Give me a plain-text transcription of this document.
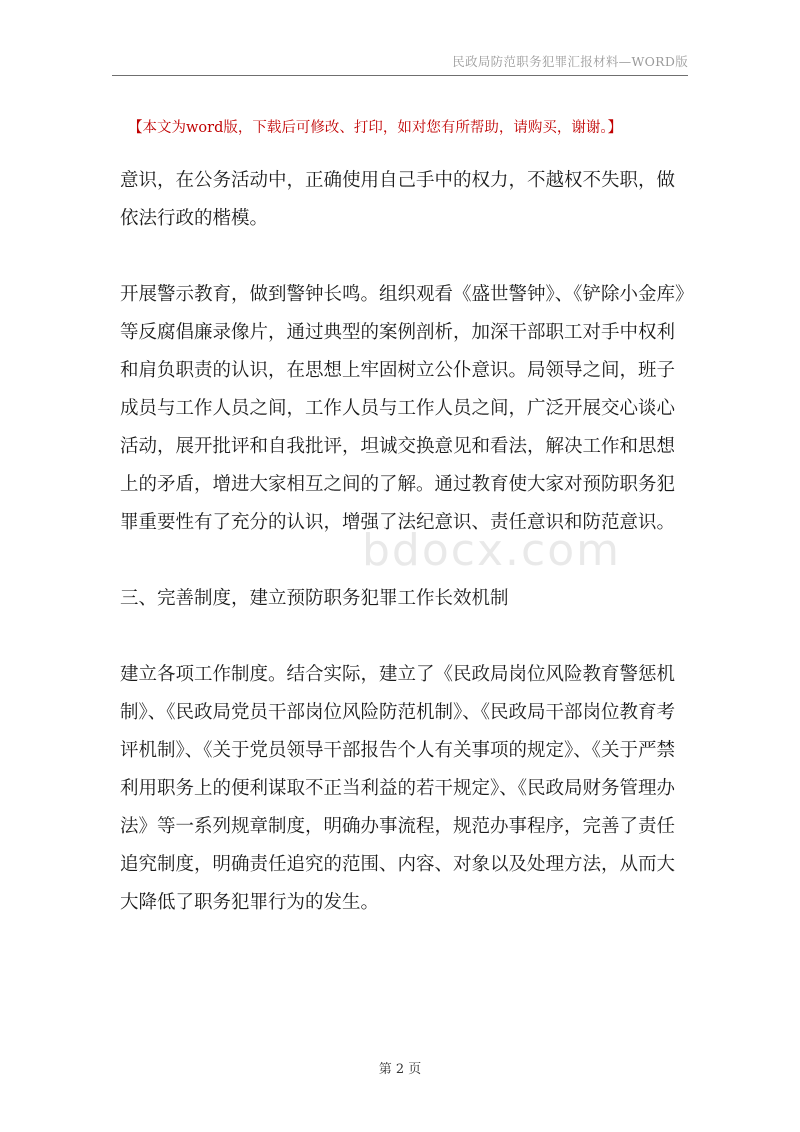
民政局防范职务犯罪汇报材料—WORD版
【本文为word版，下载后可修改、打印，如对您有所帮助，请购买，谢谢。】

意识，在公务活动中，正确使用自己手中的权力，不越权不失职，做依法行政的楷模。

开展警示教育，做到警钟长鸣。组织观看《盛世警钟》、《铲除小金库》等反腐倡廉录像片，通过典型的案例剖析，加深干部职工对手中权利和肩负职责的认识，在思想上牢固树立公仆意识。局领导之间，班子成员与工作人员之间，工作人员与工作人员之间，广泛开展交心谈心活动，展开批评和自我批评，坦诚交换意见和看法，解决工作和思想上的矛盾，增进大家相互之间的了解。通过教育使大家对预防职务犯罪重要性有了充分的认识，增强了法纪意识、责任意识和防范意识。

三、完善制度，建立预防职务犯罪工作长效机制

建立各项工作制度。结合实际，建立了《民政局岗位风险教育警惩机制》、《民政局党员干部岗位风险防范机制》、《民政局干部岗位教育考评机制》、《关于党员领导干部报告个人有关事项的规定》、《关于严禁利用职务上的便利谋取不正当利益的若干规定》、《民政局财务管理办法》等一系列规章制度，明确办事流程，规范办事程序，完善了责任追究制度，明确责任追究的范围、内容、对象以及处理方法，从而大大降低了职务犯罪行为的发生。

bdocx.com
第 2 页
